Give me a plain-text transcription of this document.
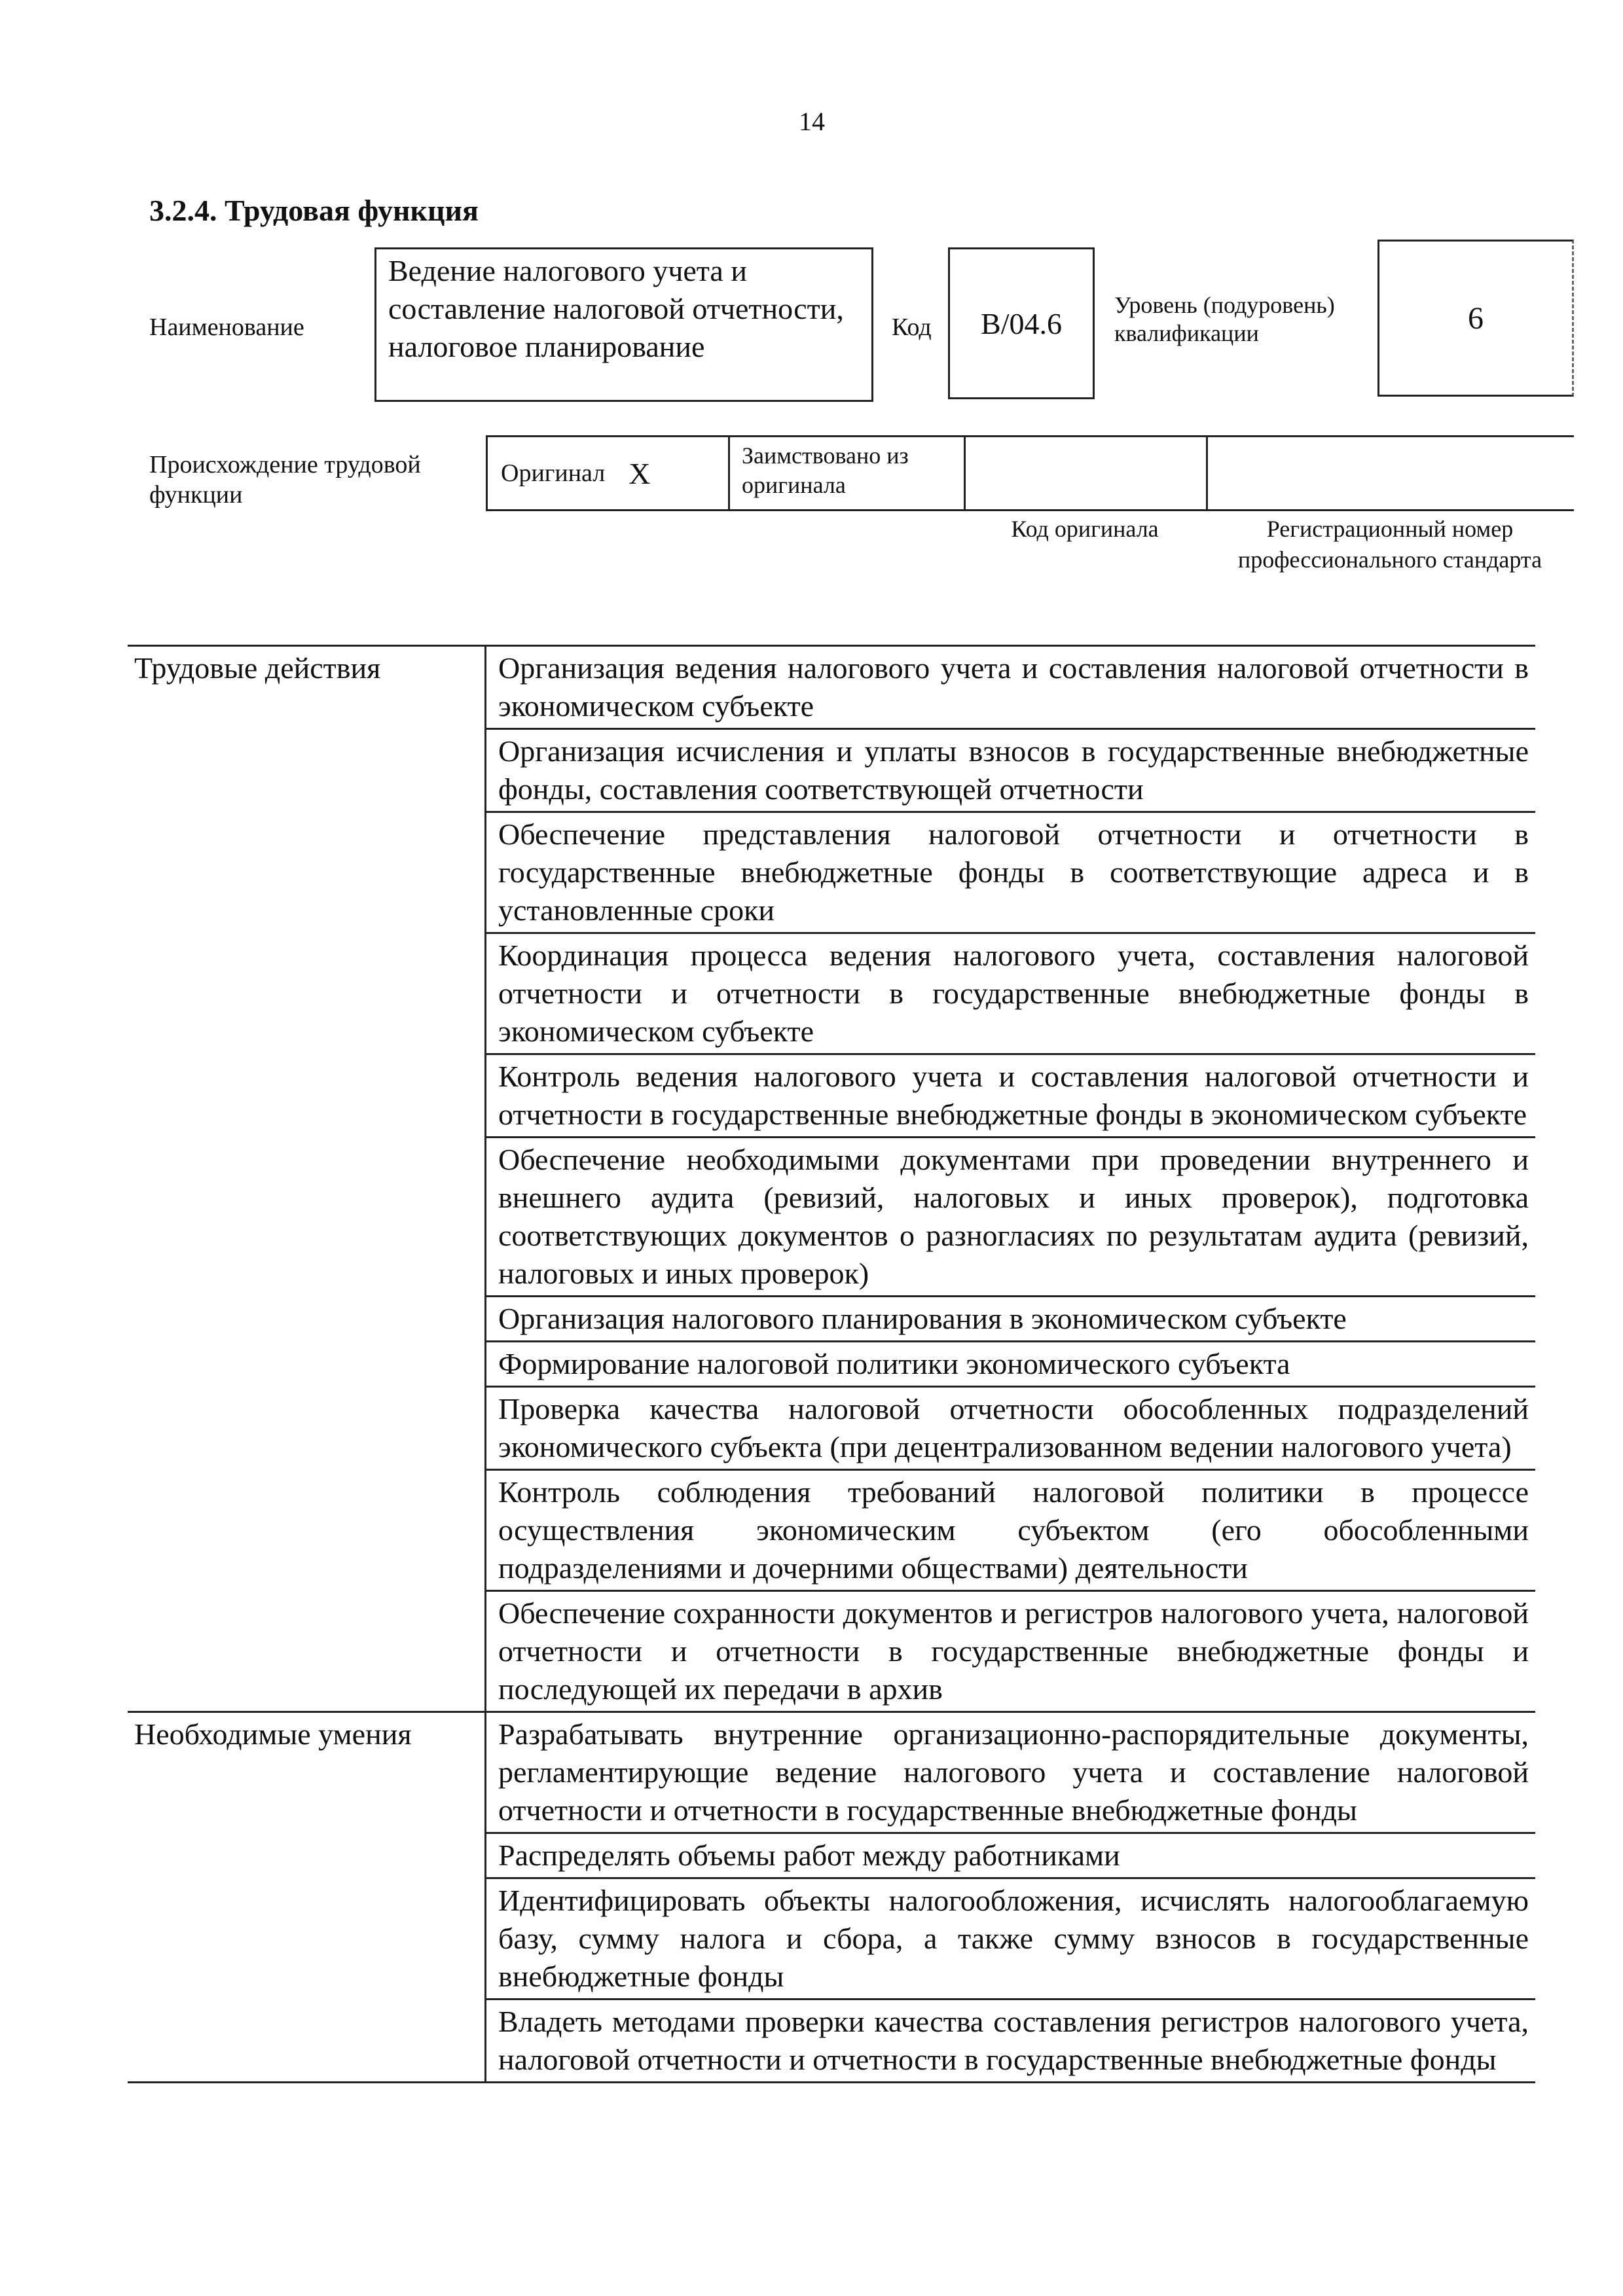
14
3.2.4. Трудовая функция
Наименование
Ведение налогового учета и составление налоговой отчетности, налоговое планирование
Код	B/04.6
Уровень (подуровень) квалификации	6
Происхождение трудовой функции
Оригинал X
Заимствовано из оригинала
Код оригинала	Регистрационный номер профессионального стандарта
Трудовые действия	Организация ведения налогового учета и составления налоговой отчетности в экономическом субъекте
Организация исчисления и уплаты взносов в государственные внебюджетные фонды, составления соответствующей отчетности
Обеспечение представления налоговой отчетности и отчетности в государственные внебюджетные фонды в соответствующие адреса и в установленные сроки
Координация процесса ведения налогового учета, составления налоговой отчетности и отчетности в государственные внебюджетные фонды в экономическом субъекте
Контроль ведения налогового учета и составления налоговой отчетности и отчетности в государственные внебюджетные фонды в экономическом субъекте
Обеспечение необходимыми документами при проведении внутреннего и внешнего аудита (ревизий, налоговых и иных проверок), подготовка соответствующих документов о разногласиях по результатам аудита (ревизий, налоговых и иных проверок)
Организация налогового планирования в экономическом субъекте
Формирование налоговой политики экономического субъекта
Проверка качества налоговой отчетности обособленных подразделений экономического субъекта (при децентрализованном ведении налогового учета)
Контроль соблюдения требований налоговой политики в процессе осуществления экономическим субъектом (его обособленными подразделениями и дочерними обществами) деятельности
Обеспечение сохранности документов и регистров налогового учета, налоговой отчетности и отчетности в государственные внебюджетные фонды и последующей их передачи в архив
Необходимые умения	Разрабатывать внутренние организационно-распорядительные документы, регламентирующие ведение налогового учета и составление налоговой отчетности и отчетности в государственные внебюджетные фонды
Распределять объемы работ между работниками
Идентифицировать объекты налогообложения, исчислять налогооблагаемую базу, сумму налога и сбора, а также сумму взносов в государственные внебюджетные фонды
Владеть методами проверки качества составления регистров налогового учета, налоговой отчетности и отчетности в государственные внебюджетные фонды
